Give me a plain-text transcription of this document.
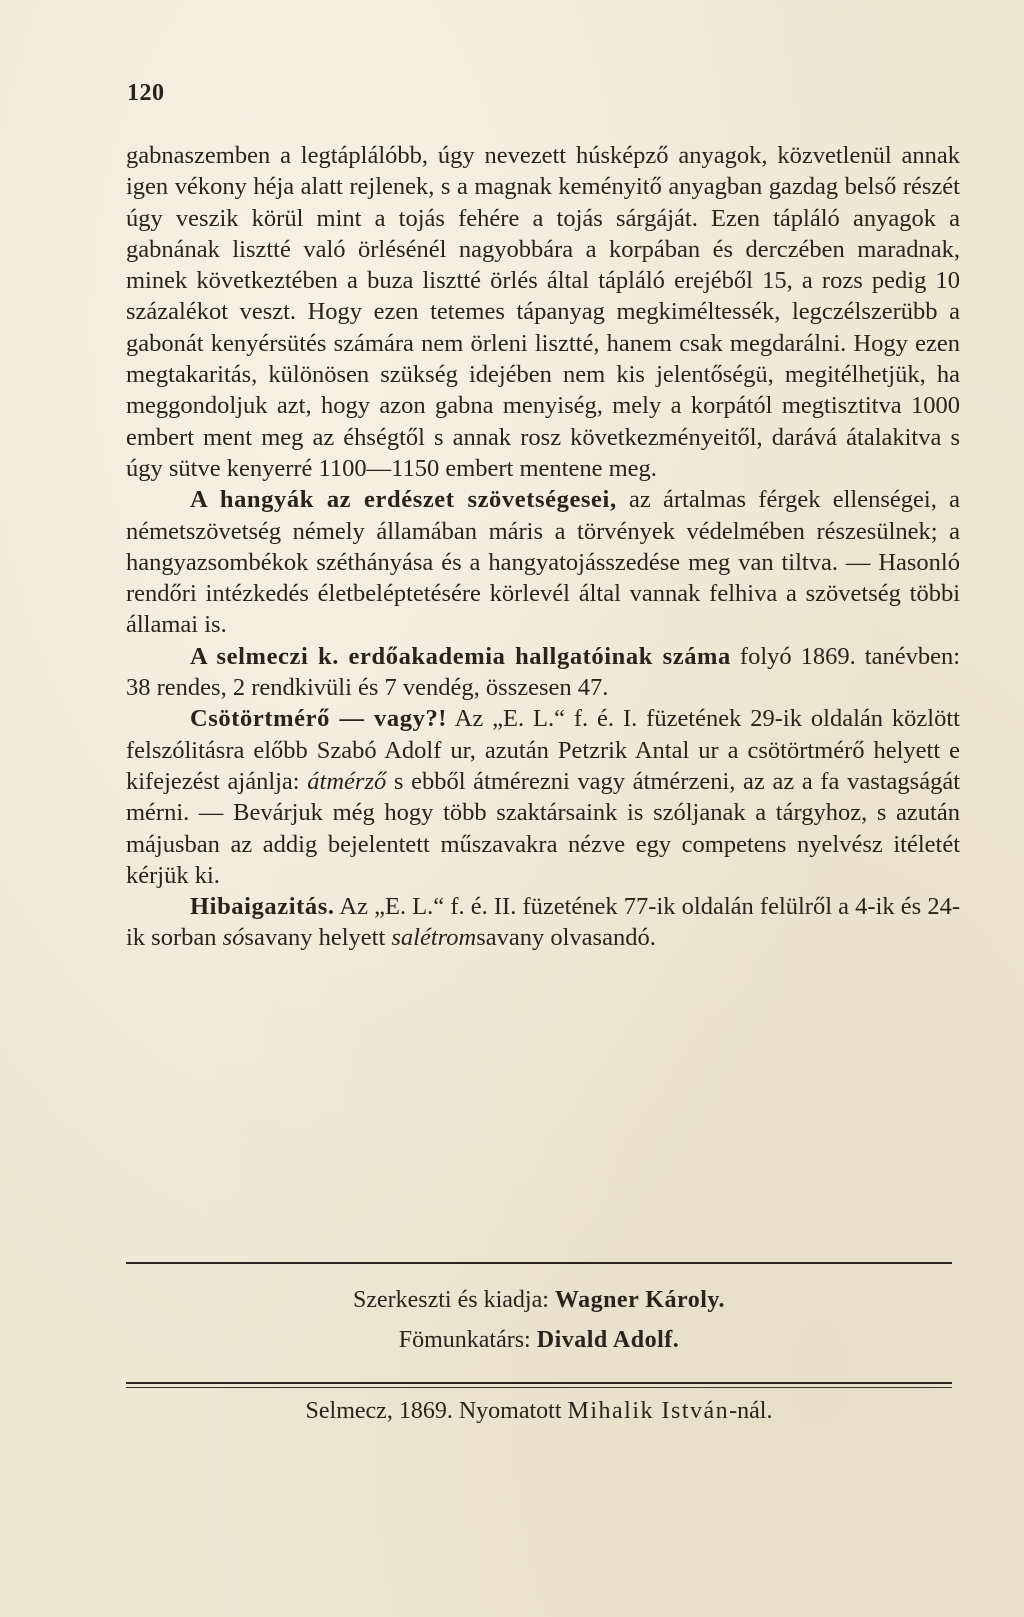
120

gabnaszemben a legtáplálóbb, úgy nevezett húsképző anyagok, közvetlenül annak igen vékony héja alatt rejlenek, s a magnak keményitő anyagban gazdag belső részét úgy veszik körül mint a tojás fehére a tojás sárgáját. Ezen tápláló anyagok a gabnának lisztté való örlésénél nagyobbára a korpában és derczében maradnak, minek következtében a buza lisztté örlés által tápláló erejéből 15, a rozs pedig 10 százalékot veszt. Hogy ezen tetemes tápanyag megkiméltessék, legczélszerübb a gabonát kenyérsütés számára nem örleni lisztté, hanem csak megdarálni. Hogy ezen megtakaritás, különösen szükség idejében nem kis jelentőségü, megitélhetjük, ha meggondoljuk azt, hogy azon gabna menyiség, mely a korpától megtisztitva 1000 embert ment meg az éhségtől s annak rosz következményeitől, darává átalakitva s úgy sütve kenyerré 1100—1150 embert mentene meg.

A hangyák az erdészet szövetségesei, az ártalmas férgek ellenségei, a németszövetség némely államában máris a törvények védelmében részesülnek; a hangyazsombékok széthányása és a hangyatojásszedése meg van tiltva. — Hasonló rendőri intézkedés életbeléptetésére körlevél által vannak felhiva a szövetség többi államai is.

A selmeczi k. erdőakademia hallgatóinak száma folyó 1869. tanévben: 38 rendes, 2 rendkivüli és 7 vendég, összesen 47.

Csötörtmérő — vagy?! Az „E. L.“ f. é. I. füzetének 29-ik oldalán közlött felszólitásra előbb Szabó Adolf ur, azután Petzrik Antal ur a csötörtmérő helyett e kifejezést ajánlja: átmérző s ebből átmérezni vagy átmérzeni, az az a fa vastagságát mérni. — Bevárjuk még hogy több szaktársaink is szóljanak a tárgyhoz, s azután májusban az addig bejelentett műszavakra nézve egy competens nyelvész itéletét kérjük ki.

Hibaigazitás. Az „E. L.“ f. é. II. füzetének 77-ik oldalán felülről a 4-ik és 24-ik sorban sósavany helyett salétromsavany olvasandó.

Szerkeszti és kiadja: Wagner Károly.
Fömunkatárs: Divald Adolf.
Selmecz, 1869. Nyomatott Mihalik István-nál.
